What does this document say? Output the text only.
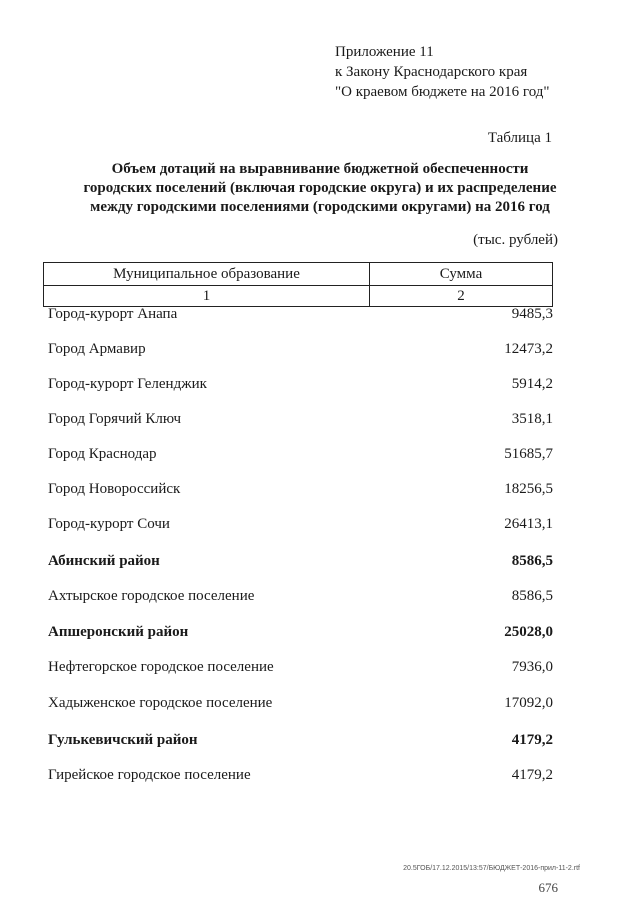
Приложение 11
к Закону Краснодарского края
"О краевом бюджете на 2016 год"
Таблица 1
Объем дотаций на выравнивание бюджетной обеспеченности
городских поселений (включая городские округа) и их распределение
между городскими поселениями (городскими округами) на 2016 год
(тыс. рублей)
Муниципальное образование	Сумма
1	2
Город-курорт Анапа	9485,3
Город Армавир	12473,2
Город-курорт Геленджик	5914,2
Город Горячий Ключ	3518,1
Город Краснодар	51685,7
Город Новороссийск	18256,5
Город-курорт Сочи	26413,1
Абинский район	8586,5
Ахтырское городское поселение	8586,5
Апшеронский район	25028,0
Нефтегорское городское поселение	7936,0
Хадыженское городское поселение	17092,0
Гулькевичский район	4179,2
Гирейское городское поселение	4179,2
20.5ГОБ/17.12.2015/13:57/БЮДЖЕТ-2016-прил-11-2.rtf
676
